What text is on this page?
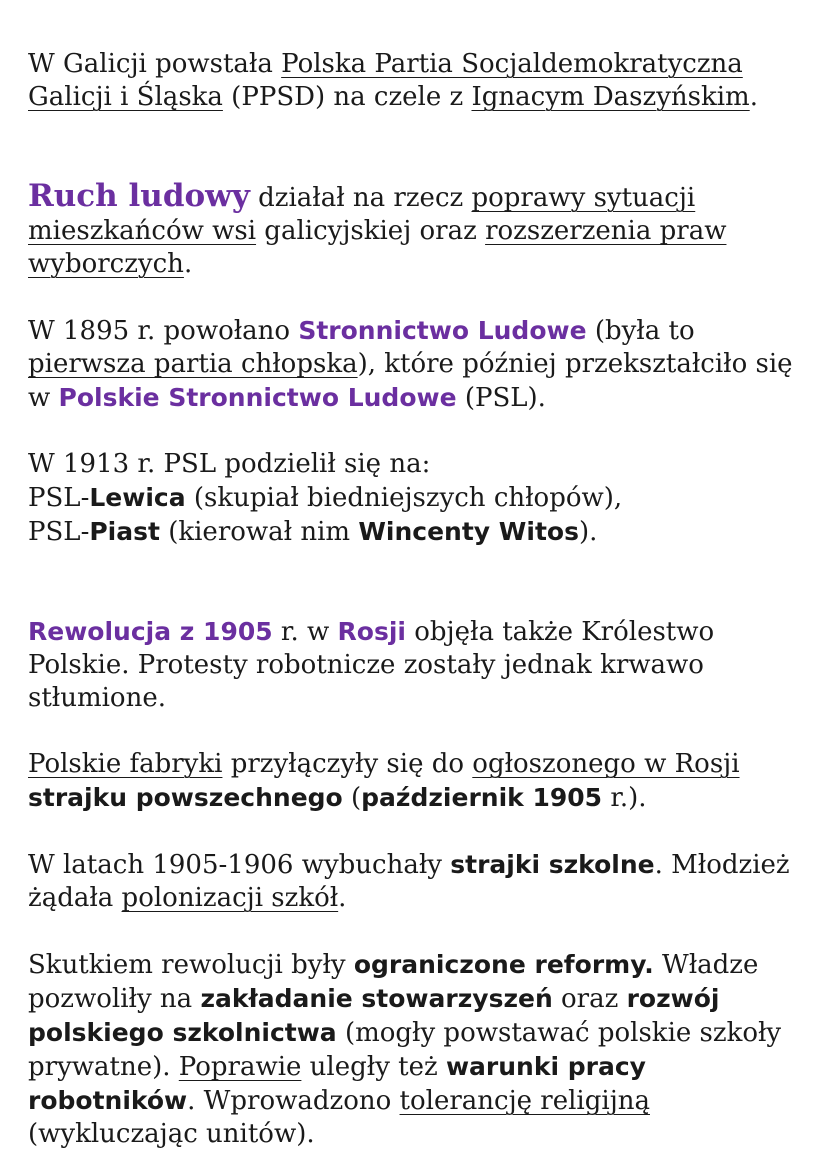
W Galicji powstała Polska Partia Socjaldemokratyczna Galicji i Śląska (PPSD) na czele z Ignacym Daszyńskim.

Ruch ludowy działał na rzecz poprawy sytuacji mieszkańców wsi galicyjskiej oraz rozszerzenia praw wyborczych.

W 1895 r. powołano Stronnictwo Ludowe (była to pierwsza partia chłopska), które później przekształciło się w Polskie Stronnictwo Ludowe (PSL).

W 1913 r. PSL podzielił się na:
PSL-Lewica (skupiał biedniejszych chłopów),
PSL-Piast (kierował nim Wincenty Witos).

Rewolucja z 1905 r. w Rosji objęła także Królestwo Polskie. Protesty robotnicze zostały jednak krwawo stłumione.

Polskie fabryki przyłączyły się do ogłoszonego w Rosji strajku powszechnego (październik 1905 r.).

W latach 1905-1906 wybuchały strajki szkolne. Młodzież żądała polonizacji szkół.

Skutkiem rewolucji były ograniczone reformy. Władze pozwoliły na zakładanie stowarzyszeń oraz rozwój polskiego szkolnictwa (mogły powstawać polskie szkoły prywatne). Poprawie uległy też warunki pracy robotników. Wprowadzono tolerancję religijną (wykluczając unitów).
